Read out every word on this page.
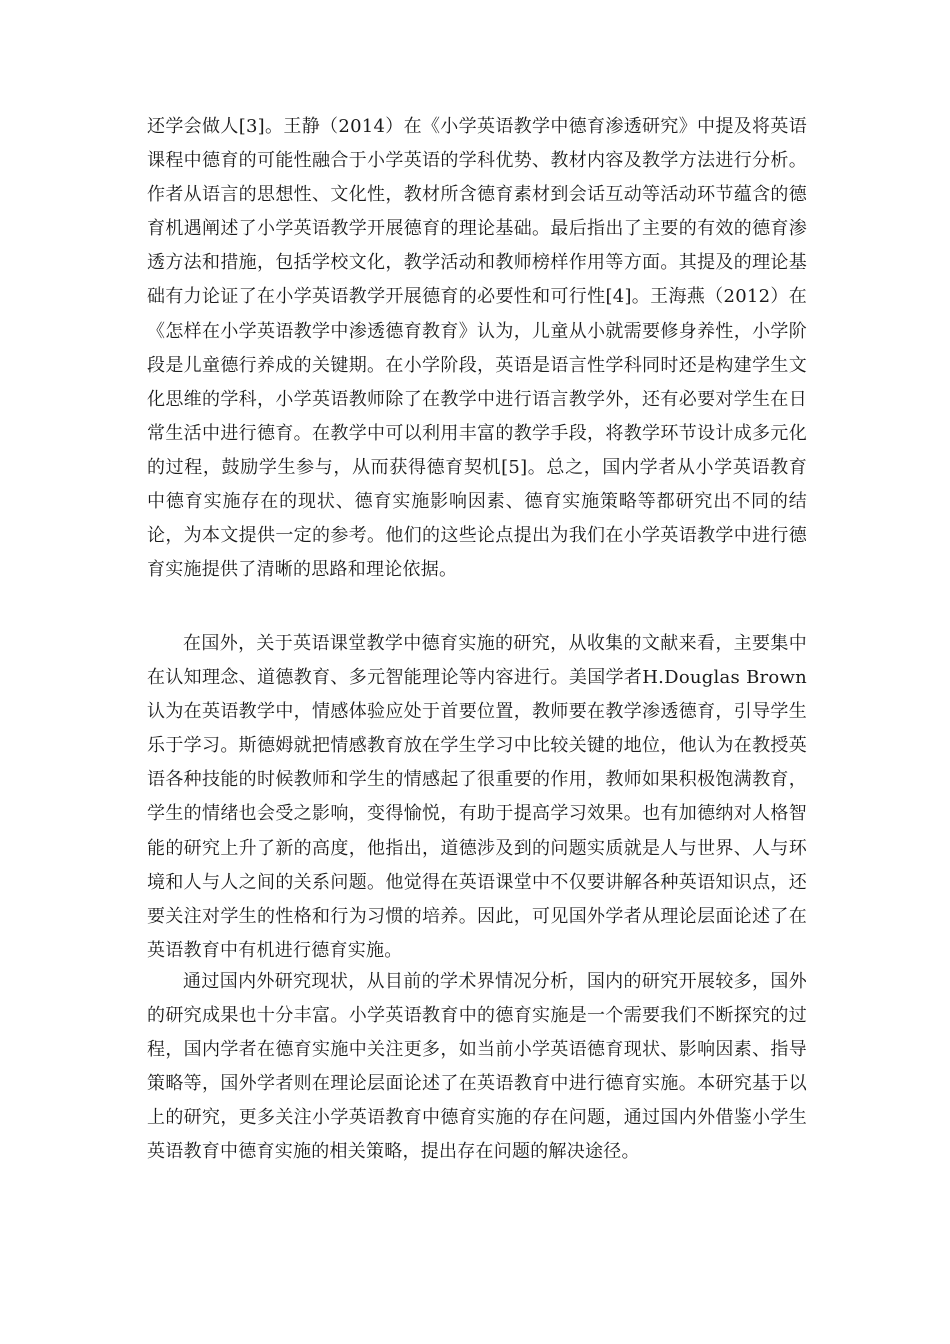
还学会做人[3]。王静（2014）在《小学英语教学中德育渗透研究》中提及将英语课程中德育的可能性融合于小学英语的学科优势、教材内容及教学方法进行分析。作者从语言的思想性、文化性，教材所含德育素材到会话互动等活动环节蕴含的德育机遇阐述了小学英语教学开展德育的理论基础。最后指出了主要的有效的德育渗透方法和措施，包括学校文化，教学活动和教师榜样作用等方面。其提及的理论基础有力论证了在小学英语教学开展德育的必要性和可行性[4]。王海燕（2012）在《怎样在小学英语教学中渗透德育教育》认为，儿童从小就需要修身养性，小学阶段是儿童德行养成的关键期。在小学阶段，英语是语言性学科同时还是构建学生文化思维的学科，小学英语教师除了在教学中进行语言教学外，还有必要对学生在日常生活中进行德育。在教学中可以利用丰富的教学手段，将教学环节设计成多元化的过程，鼓励学生参与，从而获得德育契机[5]。总之，国内学者从小学英语教育中德育实施存在的现状、德育实施影响因素、德育实施策略等都研究出不同的结论，为本文提供一定的参考。他们的这些论点提出为我们在小学英语教学中进行德育实施提供了清晰的思路和理论依据。

在国外，关于英语课堂教学中德育实施的研究，从收集的文献来看，主要集中在认知理念、道德教育、多元智能理论等内容进行。美国学者H.Douglas Brown 认为在英语教学中，情感体验应处于首要位置，教师要在教学渗透德育，引导学生乐于学习。斯德姆就把情感教育放在学生学习中比较关键的地位，他认为在教授英语各种技能的时候教师和学生的情感起了很重要的作用，教师如果积极饱满教育，学生的情绪也会受之影响，变得愉悦，有助于提高学习效果。也有加德纳对人格智能的研究上升了新的高度，他指出，道德涉及到的问题实质就是人与世界、人与环境和人与人之间的关系问题。他觉得在英语课堂中不仅要讲解各种英语知识点，还要关注对学生的性格和行为习惯的培养。因此，可见国外学者从理论层面论述了在英语教育中有机进行德育实施。

通过国内外研究现状，从目前的学术界情况分析，国内的研究开展较多，国外的研究成果也十分丰富。小学英语教育中的德育实施是一个需要我们不断探究的过程，国内学者在德育实施中关注更多，如当前小学英语德育现状、影响因素、指导策略等，国外学者则在理论层面论述了在英语教育中进行德育实施。本研究基于以上的研究，更多关注小学英语教育中德育实施的存在问题，通过国内外借鉴小学生英语教育中德育实施的相关策略，提出存在问题的解决途径。
